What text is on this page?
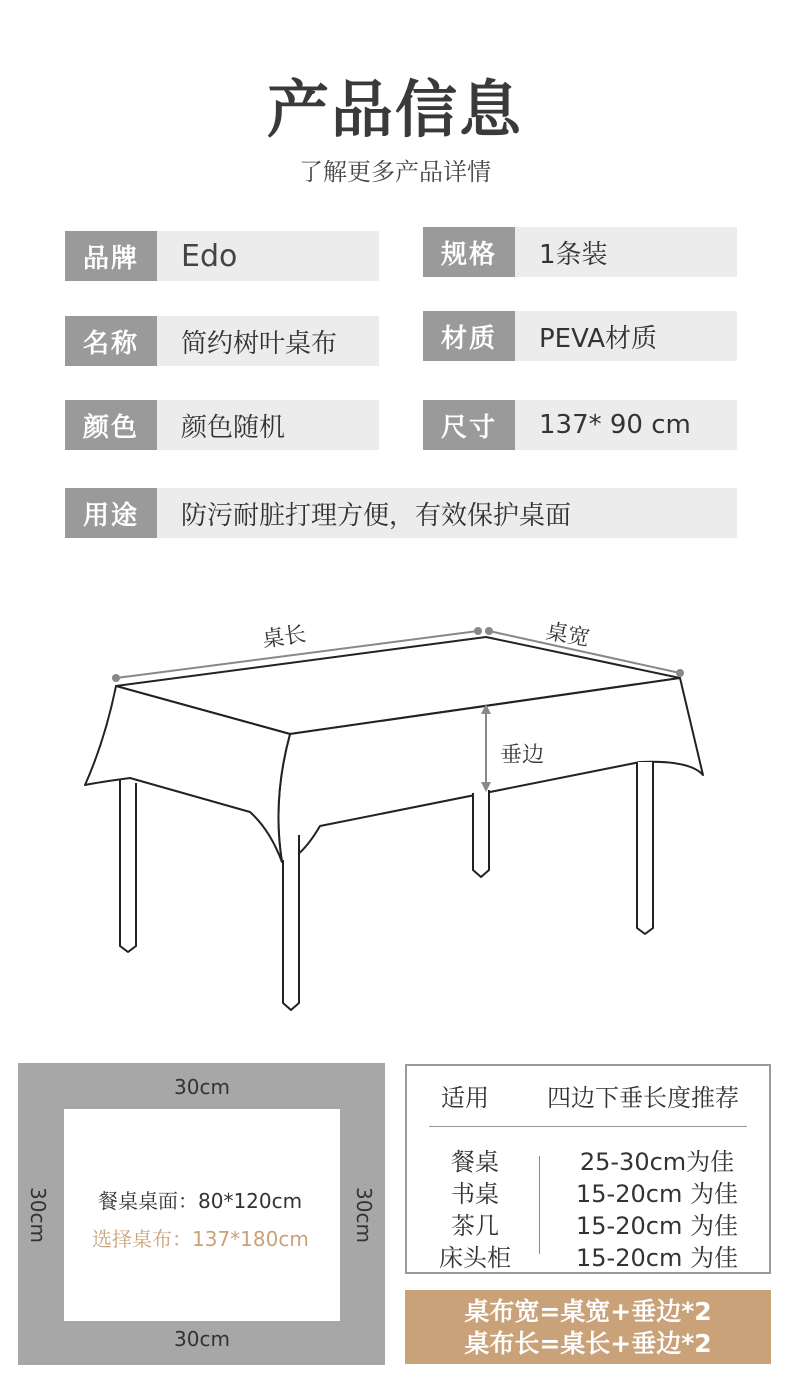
产品信息
了解更多产品详情
品牌	Edo	规格	1条装
名称	简约树叶桌布	材质	PEVA材质
颜色	颜色随机	尺寸	137* 90 cm
用途	防污耐脏打理方便，有效保护桌面
桌长	桌宽
垂边
餐桌桌面：80*120cm
选择桌布：137*180cm
30cm
30cm
30cm	30cm
适用 四边下垂长度推荐
餐桌	25-30cm为佳
书桌	15-20cm 为佳
茶几	15-20cm 为佳
床头柜	15-20cm 为佳
桌布宽=桌宽+垂边*2
桌布长=桌长+垂边*2
